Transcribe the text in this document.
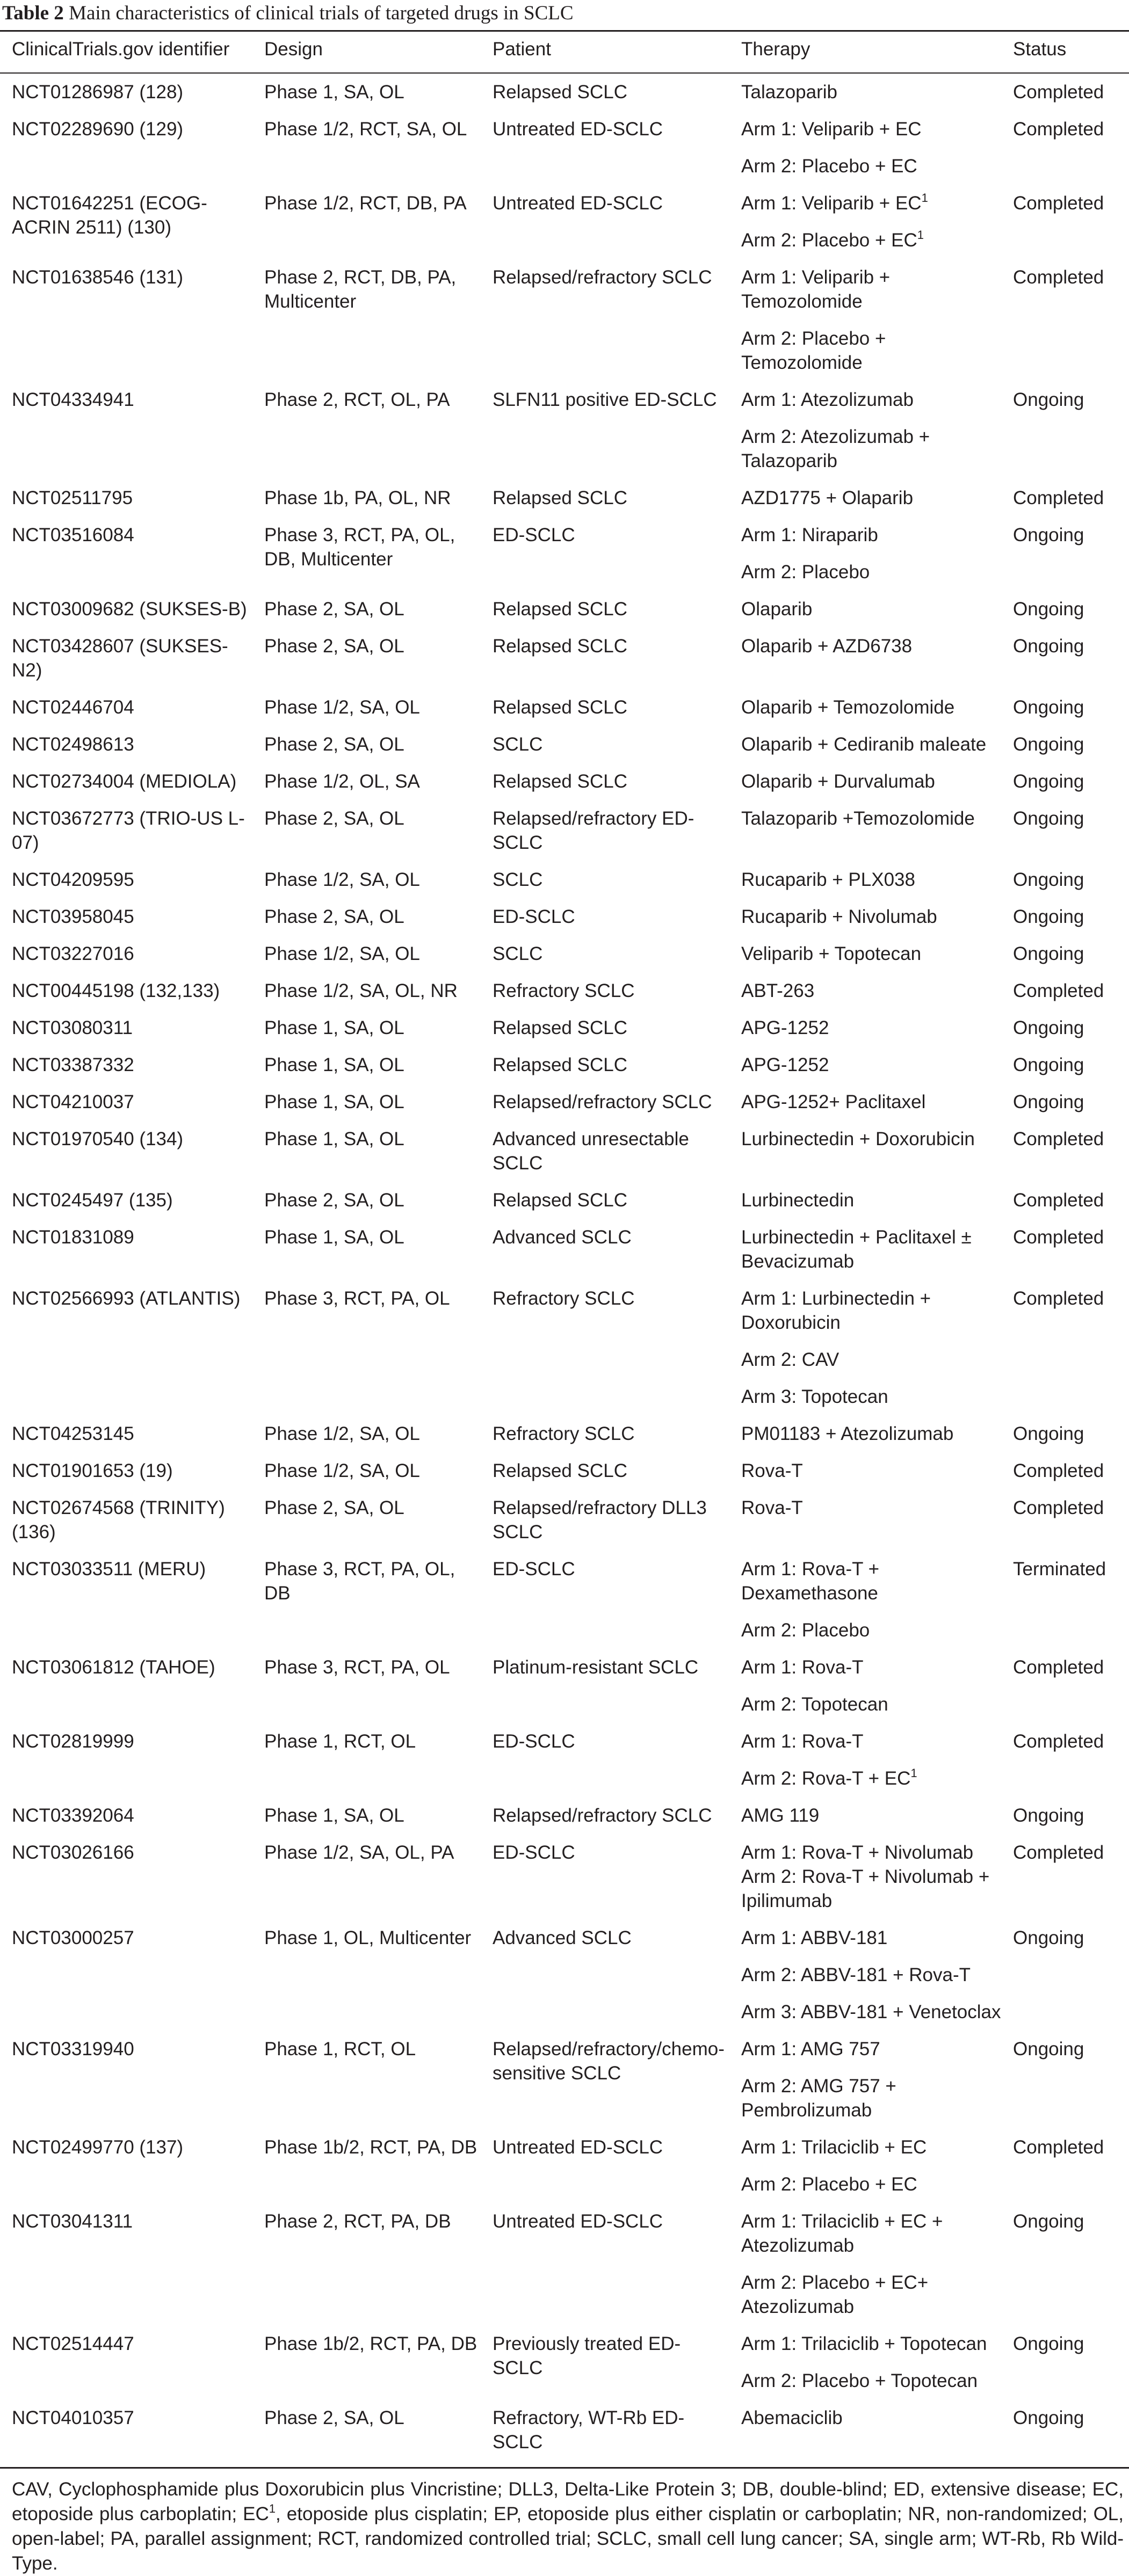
Table 2 Main characteristics of clinical trials of targeted drugs in SCLC
ClinicalTrials.gov identifier	Design	Patient	Therapy	Status

NCT01286987 (128)	Phase 1, SA, OL	Relapsed SCLC	Talazoparib	Completed

NCT02289690 (129)	Phase 1/2, RCT, SA, OL	Untreated ED-SCLC	Arm 1: Veliparib + EC
Arm 2: Placebo + EC	Completed

NCT01642251 (ECOG-ACRIN 2511) (130)	Phase 1/2, RCT, DB, PA	Untreated ED-SCLC	Arm 1: Veliparib + $EC^1$
Arm 2: Placebo + $EC^1$	Completed

NCT01638546 (131)	Phase 2, RCT, DB, PA, Multicenter	Relapsed/refractory SCLC	Arm 1: Veliparib + Temozolomide
Arm 2: Placebo + Temozolomide	Completed

NCT04334941	Phase 2, RCT, OL, PA	SLFN11 positive ED-SCLC	Arm 1: Atezolizumab
Arm 2: Atezolizumab + Talazoparib	Ongoing

NCT02511795	Phase 1b, PA, OL, NR	Relapsed SCLC	AZD1775 + Olaparib	Completed

NCT03516084	Phase 3, RCT, PA, OL, DB, Multicenter	ED-SCLC	Arm 1: Niraparib
Arm 2: Placebo	Ongoing

NCT03009682 (SUKSES-B)	Phase 2, SA, OL	Relapsed SCLC	Olaparib	Ongoing

NCT03428607 (SUKSES-N2)	Phase 2, SA, OL	Relapsed SCLC	Olaparib + AZD6738	Ongoing

NCT02446704	Phase 1/2, SA, OL	Relapsed SCLC	Olaparib + Temozolomide	Ongoing

NCT02498613	Phase 2, SA, OL	SCLC	Olaparib + Cediranib maleate	Ongoing

NCT02734004 (MEDIOLA)	Phase 1/2, OL, SA	Relapsed SCLC	Olaparib + Durvalumab	Ongoing

NCT03672773 (TRIO-US L-07)	Phase 2, SA, OL	Relapsed/refractory ED-SCLC	Talazoparib +Temozolomide	Ongoing

NCT04209595	Phase 1/2, SA, OL	SCLC	Rucaparib + PLX038	Ongoing

NCT03958045	Phase 2, SA, OL	ED-SCLC	Rucaparib + Nivolumab	Ongoing

NCT03227016	Phase 1/2, SA, OL	SCLC	Veliparib + Topotecan	Ongoing

NCT00445198 (132,133)	Phase 1/2, SA, OL, NR	Refractory SCLC	ABT-263	Completed

NCT03080311	Phase 1, SA, OL	Relapsed SCLC	APG-1252	Ongoing

NCT03387332	Phase 1, SA, OL	Relapsed SCLC	APG-1252	Ongoing

NCT04210037	Phase 1, SA, OL	Relapsed/refractory SCLC	APG-1252+ Paclitaxel	Ongoing

NCT01970540 (134)	Phase 1, SA, OL	Advanced unresectable SCLC	Lurbinectedin + Doxorubicin	Completed

NCT0245497 (135)	Phase 2, SA, OL	Relapsed SCLC	Lurbinectedin	Completed

NCT01831089	Phase 1, SA, OL	Advanced SCLC	Lurbinectedin + Paclitaxel ± Bevacizumab	Completed

NCT02566993 (ATLANTIS)	Phase 3, RCT, PA, OL	Refractory SCLC	Arm 1: Lurbinectedin + Doxorubicin
Arm 2: CAV
Arm 3: Topotecan	Completed

NCT04253145	Phase 1/2, SA, OL	Refractory SCLC	PM01183 + Atezolizumab	Ongoing

NCT01901653 (19)	Phase 1/2, SA, OL	Relapsed SCLC	Rova-T	Completed

NCT02674568 (TRINITY) (136)	Phase 2, SA, OL	Relapsed/refractory DLL3 SCLC	Rova-T	Completed

NCT03033511 (MERU)	Phase 3, RCT, PA, OL, DB	ED-SCLC	Arm 1: Rova-T + Dexamethasone
Arm 2: Placebo	Terminated

NCT03061812 (TAHOE)	Phase 3, RCT, PA, OL	Platinum-resistant SCLC	Arm 1: Rova-T
Arm 2: Topotecan	Completed

NCT02819999	Phase 1, RCT, OL	ED-SCLC	Arm 1: Rova-T
Arm 2: Rova-T + $EC^1$	Completed

NCT03392064	Phase 1, SA, OL	Relapsed/refractory SCLC	AMG 119	Ongoing

NCT03026166	Phase 1/2, SA, OL, PA	ED-SCLC	Arm 1: Rova-T + Nivolumab Arm 2: Rova-T + Nivolumab + Ipilimumab	Completed

NCT03000257	Phase 1, OL, Multicenter	Advanced SCLC	Arm 1: ABBV-181
Arm 2: ABBV-181 + Rova-T
Arm 3: ABBV-181 + Venetoclax	Ongoing

NCT03319940	Phase 1, RCT, OL	Relapsed/refractory/chemo-sensitive SCLC	Arm 1: AMG 757
Arm 2: AMG 757 + Pembrolizumab	Ongoing

NCT02499770 (137)	Phase 1b/2, RCT, PA, DB	Untreated ED-SCLC	Arm 1: Trilaciclib + EC
Arm 2: Placebo + EC	Completed

NCT03041311	Phase 2, RCT, PA, DB	Untreated ED-SCLC	Arm 1: Trilaciclib + EC + Atezolizumab
Arm 2: Placebo + EC+ Atezolizumab	Ongoing

NCT02514447	Phase 1b/2, RCT, PA, DB	Previously treated ED-SCLC	Arm 1: Trilaciclib + Topotecan
Arm 2: Placebo + Topotecan	Ongoing

NCT04010357	Phase 2, SA, OL	Refractory, WT-Rb ED-SCLC	Abemaciclib	Ongoing
CAV, Cyclophosphamide plus Doxorubicin plus Vincristine; DLL3, Delta-Like Protein 3; DB, double-blind; ED, extensive disease; EC, etoposide plus carboplatin; $EC^1$, etoposide plus cisplatin; EP, etoposide plus either cisplatin or carboplatin; NR, non-randomized; OL, open-label; PA, parallel assignment; RCT, randomized controlled trial; SCLC, small cell lung cancer; SA, single arm; WT-Rb, Rb Wild-Type.
